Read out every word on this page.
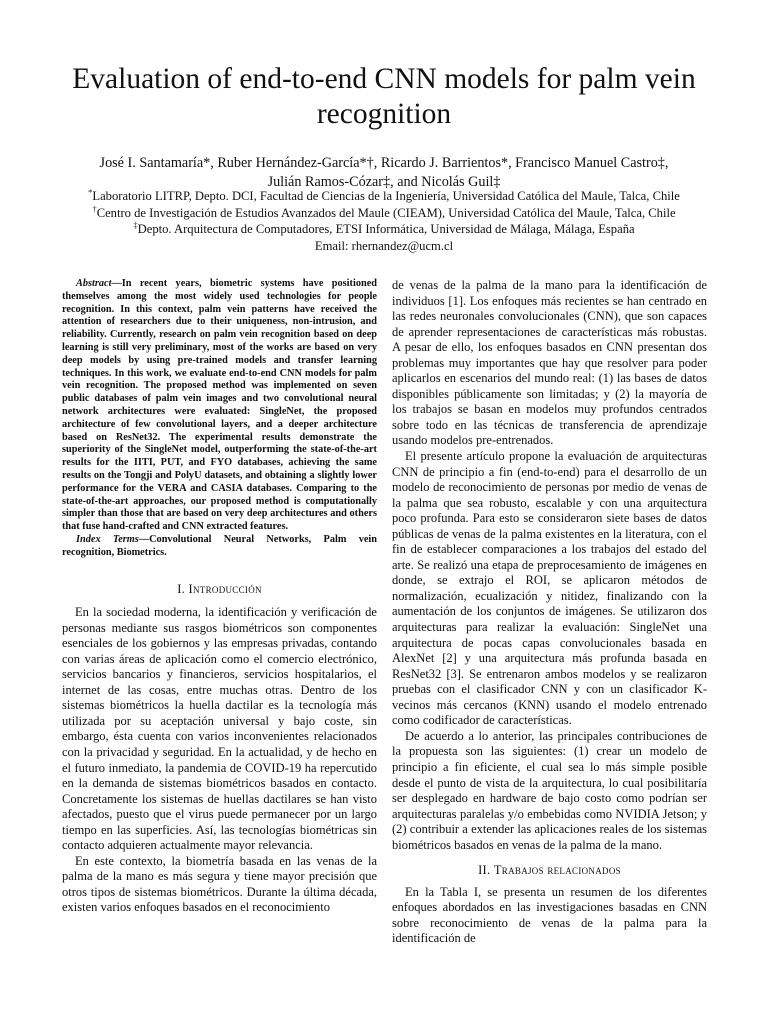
Evaluation of end-to-end CNN models for palm vein recognition
José I. Santamaría*, Ruber Hernández-García*†, Ricardo J. Barrientos*, Francisco Manuel Castro‡,
Julián Ramos-Cózar‡, and Nicolás Guil‡
*Laboratorio LITRP, Depto. DCI, Facultad de Ciencias de la Ingeniería, Universidad Católica del Maule, Talca, Chile
†Centro de Investigación de Estudios Avanzados del Maule (CIEAM), Universidad Católica del Maule, Talca, Chile
‡Depto. Arquitectura de Computadores, ETSI Informática, Universidad de Málaga, Málaga, España
Email: rhernandez@ucm.cl

Abstract—In recent years, biometric systems have positioned themselves among the most widely used technologies for people recognition. In this context, palm vein patterns have received the attention of researchers due to their uniqueness, non-intrusion, and reliability. Currently, research on palm vein recognition based on deep learning is still very preliminary, most of the works are based on very deep models by using pre-trained models and transfer learning techniques. In this work, we evaluate end-to-end CNN models for palm vein recognition. The proposed method was implemented on seven public databases of palm vein images and two convolutional neural network architectures were evaluated: SingleNet, the proposed architecture of few convolutional layers, and a deeper architecture based on ResNet32. The experimental results demonstrate the superiority of the SingleNet model, outperforming the state-of-the-art results for the IITI, PUT, and FYO databases, achieving the same results on the Tongji and PolyU datasets, and obtaining a slightly lower performance for the VERA and CASIA databases. Comparing to the state-of-the-art approaches, our proposed method is computationally simpler than those that are based on very deep architectures and others that fuse hand-crafted and CNN extracted features.

Index Terms—Convolutional Neural Networks, Palm vein recognition, Biometrics.

I. Introducción

En la sociedad moderna, la identificación y verificación de personas mediante sus rasgos biométricos son componentes esenciales de los gobiernos y las empresas privadas, contando con varias áreas de aplicación como el comercio electrónico, servicios bancarios y financieros, servicios hospitalarios, el internet de las cosas, entre muchas otras. Dentro de los sistemas biométricos la huella dactilar es la tecnología más utilizada por su aceptación universal y bajo coste, sin embargo, ésta cuenta con varios inconvenientes relacionados con la privacidad y seguridad. En la actualidad, y de hecho en el futuro inmediato, la pandemia de COVID-19 ha repercutido en la demanda de sistemas biométricos basados en contacto. Concretamente los sistemas de huellas dactilares se han visto afectados, puesto que el virus puede permanecer por un largo tiempo en las superficies. Así, las tecnologías biométricas sin contacto adquieren actualmente mayor relevancia.

En este contexto, la biometría basada en las venas de la palma de la mano es más segura y tiene mayor precisión que otros tipos de sistemas biométricos. Durante la última década, existen varios enfoques basados en el reconocimiento

de venas de la palma de la mano para la identificación de individuos [1]. Los enfoques más recientes se han centrado en las redes neuronales convolucionales (CNN), que son capaces de aprender representaciones de características más robustas. A pesar de ello, los enfoques basados en CNN presentan dos problemas muy importantes que hay que resolver para poder aplicarlos en escenarios del mundo real: (1) las bases de datos disponibles públicamente son limitadas; y (2) la mayoría de los trabajos se basan en modelos muy profundos centrados sobre todo en las técnicas de transferencia de aprendizaje usando modelos pre-entrenados.

El presente artículo propone la evaluación de arquitecturas CNN de principio a fin (end-to-end) para el desarrollo de un modelo de reconocimiento de personas por medio de venas de la palma que sea robusto, escalable y con una arquitectura poco profunda. Para esto se consideraron siete bases de datos públicas de venas de la palma existentes en la literatura, con el fin de establecer comparaciones a los trabajos del estado del arte. Se realizó una etapa de preprocesamiento de imágenes en donde, se extrajo el ROI, se aplicaron métodos de normalización, ecualización y nitidez, finalizando con la aumentación de los conjuntos de imágenes. Se utilizaron dos arquitecturas para realizar la evaluación: SingleNet una arquitectura de pocas capas convolucionales basada en AlexNet [2] y una arquitectura más profunda basada en ResNet32 [3]. Se entrenaron ambos modelos y se realizaron pruebas con el clasificador CNN y con un clasificador K-vecinos más cercanos (KNN) usando el modelo entrenado como codificador de características.

De acuerdo a lo anterior, las principales contribuciones de la propuesta son las siguientes: (1) crear un modelo de principio a fin eficiente, el cual sea lo más simple posible desde el punto de vista de la arquitectura, lo cual posibilitaría ser desplegado en hardware de bajo costo como podrían ser arquitecturas paralelas y/o embebidas como NVIDIA Jetson; y (2) contribuir a extender las aplicaciones reales de los sistemas biométricos basados en venas de la palma de la mano.

II. Trabajos relacionados

En la Tabla I, se presenta un resumen de los diferentes enfoques abordados en las investigaciones basadas en CNN sobre reconocimiento de venas de la palma para la identificación de
